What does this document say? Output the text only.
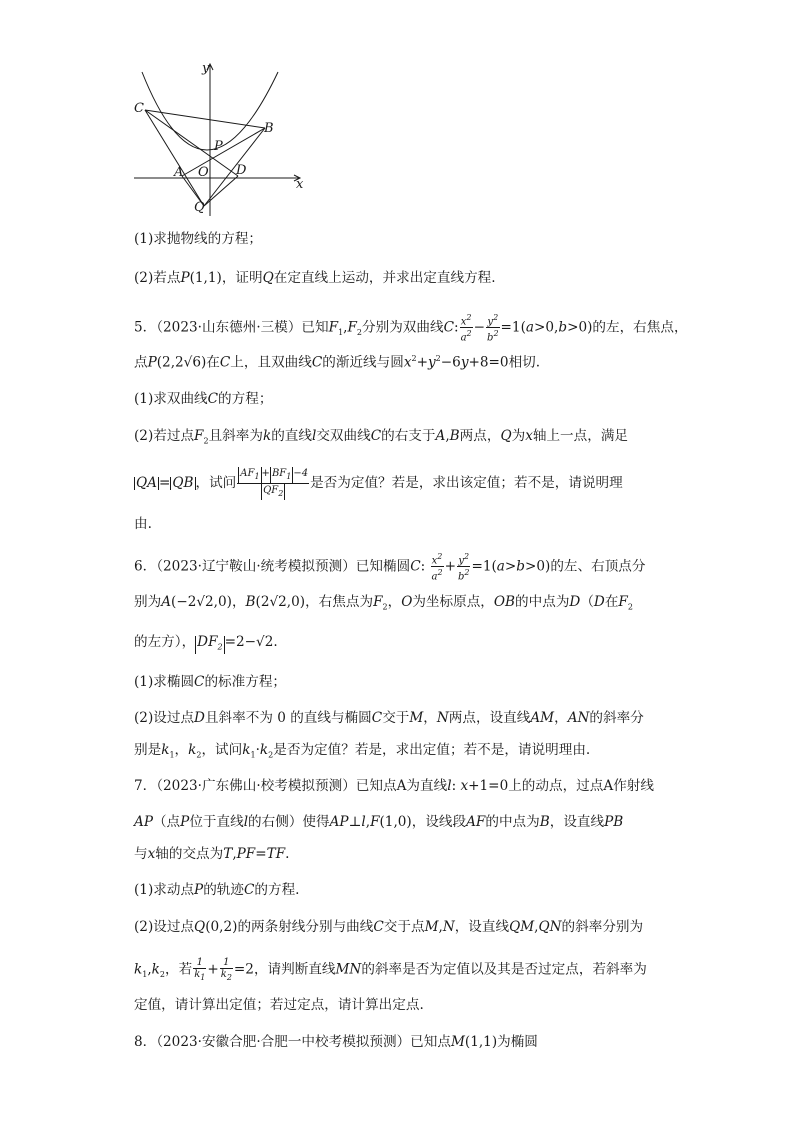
y
x
C
B
P
A O D
Q
(1)求抛物线的方程；
(2)若点P(1,1)，证明Q在定直线上运动，并求出定直线方程.
5．（2023·山东德州·三模）已知$F_1,F_2$分别为双曲线C: $\frac{x^2}{a^2} - \frac{y^2}{b^2} =1(a>0,b>0)$的左，右焦点，
点P(2,2√6)在C上，且双曲线C的渐近线与圆$x^2+y^2-6y+8=0$相切.
(1)求双曲线C的方程；
(2)若过点$F_2$且斜率为k的直线l交双曲线C的右支于A,B两点，Q为x轴上一点，满足
QA = QB ，试问 $\frac{AF_1 + BF_1 -4}{QF_2}$ 是否为定值？若是，求出该定值；若不是，请说明理
由.
6．（2023·辽宁鞍山·统考模拟预测）已知椭圆C: $\frac{x^2}{a^2} + \frac{y^2}{b^2} =1(a>b>0)$的左、右顶点分
别为A(−2√2,0)，B(2√2,0)，右焦点为$F_2$，O为坐标原点，OB的中点为D（D在$F_2$
的左方）， $DF_2 =2-√2$.
(1)求椭圆C的标准方程；
(2)设过点D且斜率不为 0 的直线与椭圆C交于M，N两点，设直线AM，AN的斜率分
别是$k_1$，$k_2$，试问$k_1\cdot k_2$是否为定值？若是，求出定值；若不是，请说明理由.
7．（2023·广东佛山·校考模拟预测）已知点A为直线l: x+1=0上的动点，过点A作射线
AP（点P位于直线l的右侧）使得AP⊥l,F(1,0)，设线段AF的中点为B，设直线PB
与x轴的交点为T,PF=TF.
(1)求动点P的轨迹C的方程.
(2)设过点Q(0,2)的两条射线分别与曲线C交于点M,N，设直线QM,QN的斜率分别为
$k_1,k_2$，若 $\frac{1}{k_1} + \frac{1}{k_2} =2$，请判断直线MN的斜率是否为定值以及其是否过定点，若斜率为
定值，请计算出定值；若过定点，请计算出定点.
8．（2023·安徽合肥·合肥一中校考模拟预测）已知点M(1,1)为椭圆
